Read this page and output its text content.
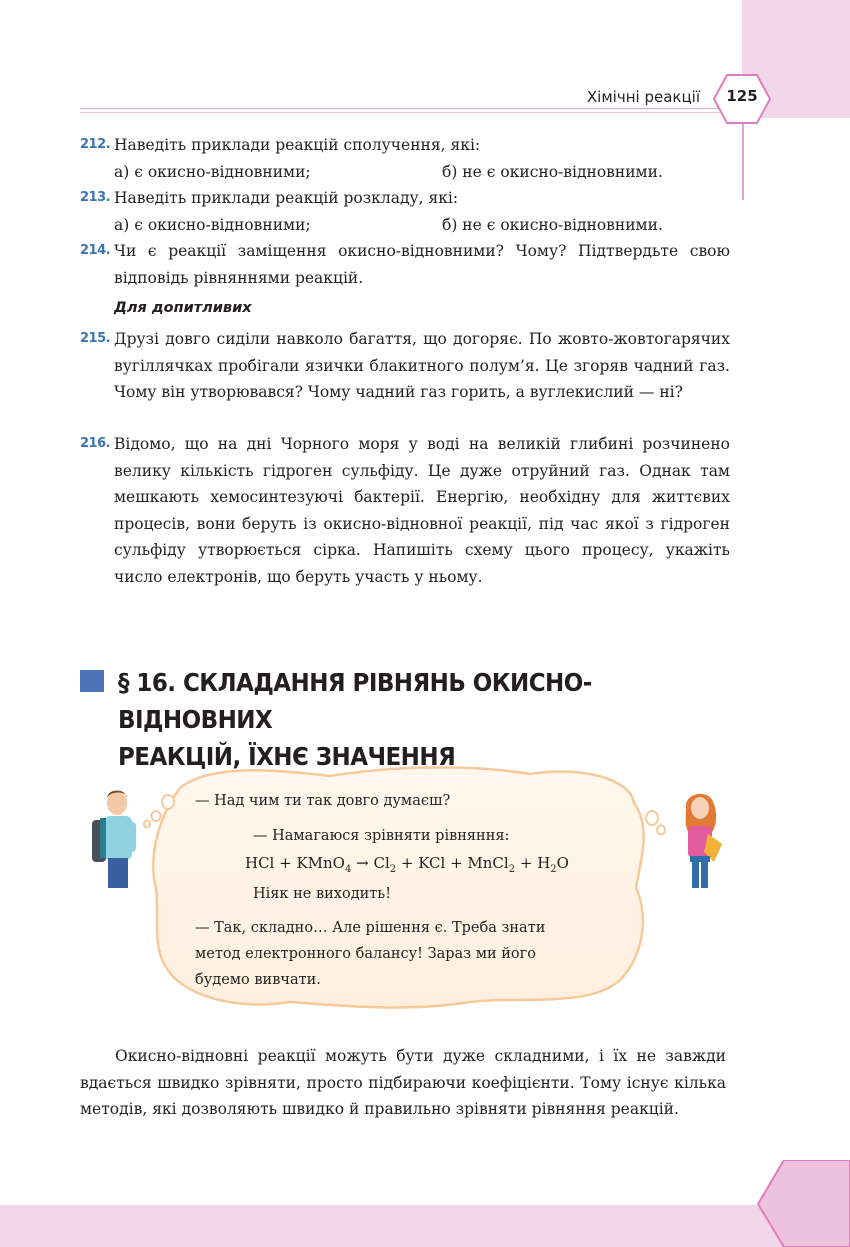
Хімічні реакції	125
212. Наведіть приклади реакцій сполучення, які:
а) є окисно-відновними;	б) не є окисно-відновними.
213. Наведіть приклади реакцій розкладу, які:
а) є окисно-відновними;	б) не є окисно-відновними.
214. Чи є реакції заміщення окисно-відновними? Чому? Підтвердьте свою відповідь рівняннями реакцій.
Для допитливих
215. Друзі довго сиділи навколо багаття, що догоряє. По жовто-жовтогарячих вугіллячках пробігали язички блакитного полум’я. Це згоряв чадний газ. Чому він утворювався? Чому чадний газ горить, а вуглекислий — ні?
216. Відомо, що на дні Чорного моря у воді на великій глибині розчинено велику кількість гідроген сульфіду. Це дуже отруйний газ. Однак там мешкають хемосинтезуючі бактерії. Енергію, необхідну для життєвих процесів, вони беруть із окисно-відновної реакції, під час якої з гідроген сульфіду утворюється сірка. Напишіть схему цього процесу, укажіть число електронів, що беруть участь у ньому.
§ 16. СКЛАДАННЯ РІВНЯНЬ ОКИСНО-ВІДНОВНИХ
РЕАКЦІЙ, ЇХНЄ ЗНАЧЕННЯ
— Над чим ти так довго думаєш?
— Намагаюся зрівняти рівняння:
HCl + KMnO$_4$ → $Cl_2$ + KCl + MnCl$_2$ + $H_2O$
Ніяк не виходить!
— Так, складно… Але рішення є. Треба знати
метод електронного балансу! Зараз ми його
будемо вивчати.
Окисно-відновні реакції можуть бути дуже складними, і їх не завжди вдається швидко зрівняти, просто підбираючи коефіцієнти. Тому існує кілька методів, які дозволяють швидко й правильно зрівняти рівняння реакцій.
